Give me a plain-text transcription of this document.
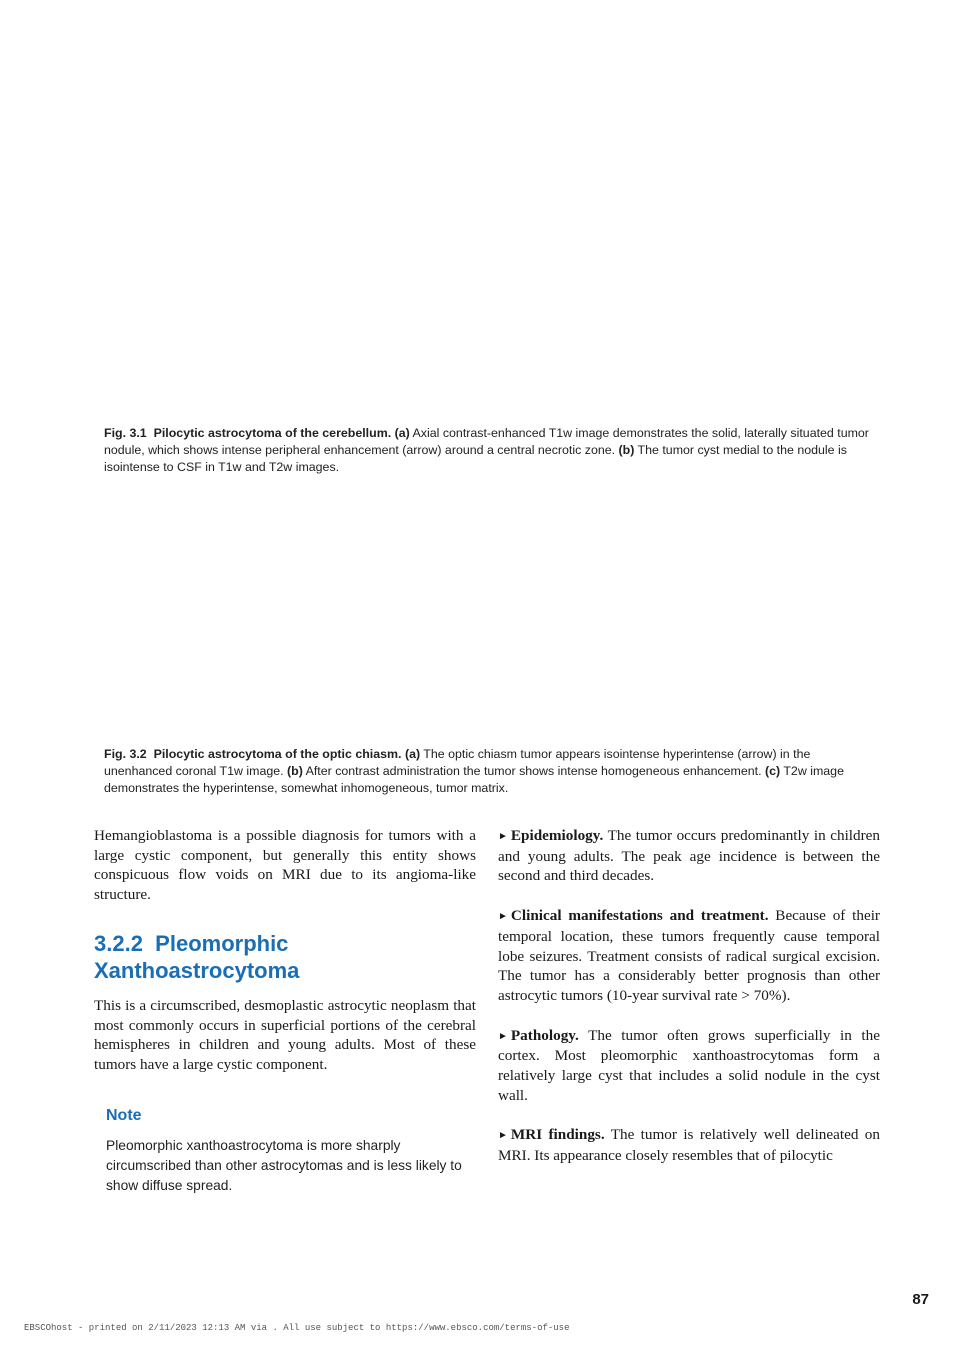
Fig. 3.1 Pilocytic astrocytoma of the cerebellum. (a) Axial contrast-enhanced T1w image demonstrates the solid, laterally situated tumor nodule, which shows intense peripheral enhancement (arrow) around a central necrotic zone. (b) The tumor cyst medial to the nodule is isointense to CSF in T1w and T2w images.

Fig. 3.2 Pilocytic astrocytoma of the optic chiasm. (a) The optic chiasm tumor appears isointense hyperintense (arrow) in the unenhanced coronal T1w image. (b) After contrast administration the tumor shows intense homogeneous enhancement. (c) T2w image demonstrates the hyperintense, somewhat inhomogeneous, tumor matrix.

Hemangioblastoma is a possible diagnosis for tumors with a large cystic component, but generally this entity shows conspicuous flow voids on MRI due to its angioma-like structure.

3.2.2 Pleomorphic
Xanthoastrocytoma

This is a circumscribed, desmoplastic astrocytic neoplasm that most commonly occurs in superficial portions of the cerebral hemispheres in children and young adults. Most of these tumors have a large cystic component.

Note

Pleomorphic xanthoastrocytoma is more sharply circumscribed than other astrocytomas and is less likely to show diffuse spread.

► Epidemiology. The tumor occurs predominantly in children and young adults. The peak age incidence is between the second and third decades.

► Clinical manifestations and treatment. Because of their temporal location, these tumors frequently cause temporal lobe seizures. Treatment consists of radical surgical excision. The tumor has a considerably better prognosis than other astrocytic tumors (10-year survival rate > 70%).

► Pathology. The tumor often grows superficially in the cortex. Most pleomorphic xanthoastrocytomas form a relatively large cyst that includes a solid nodule in the cyst wall.

► MRI findings. The tumor is relatively well delineated on MRI. Its appearance closely resembles that of pilocytic

87
EBSCOhost - printed on 2/11/2023 12:13 AM via . All use subject to https://www.ebsco.com/terms-of-use
